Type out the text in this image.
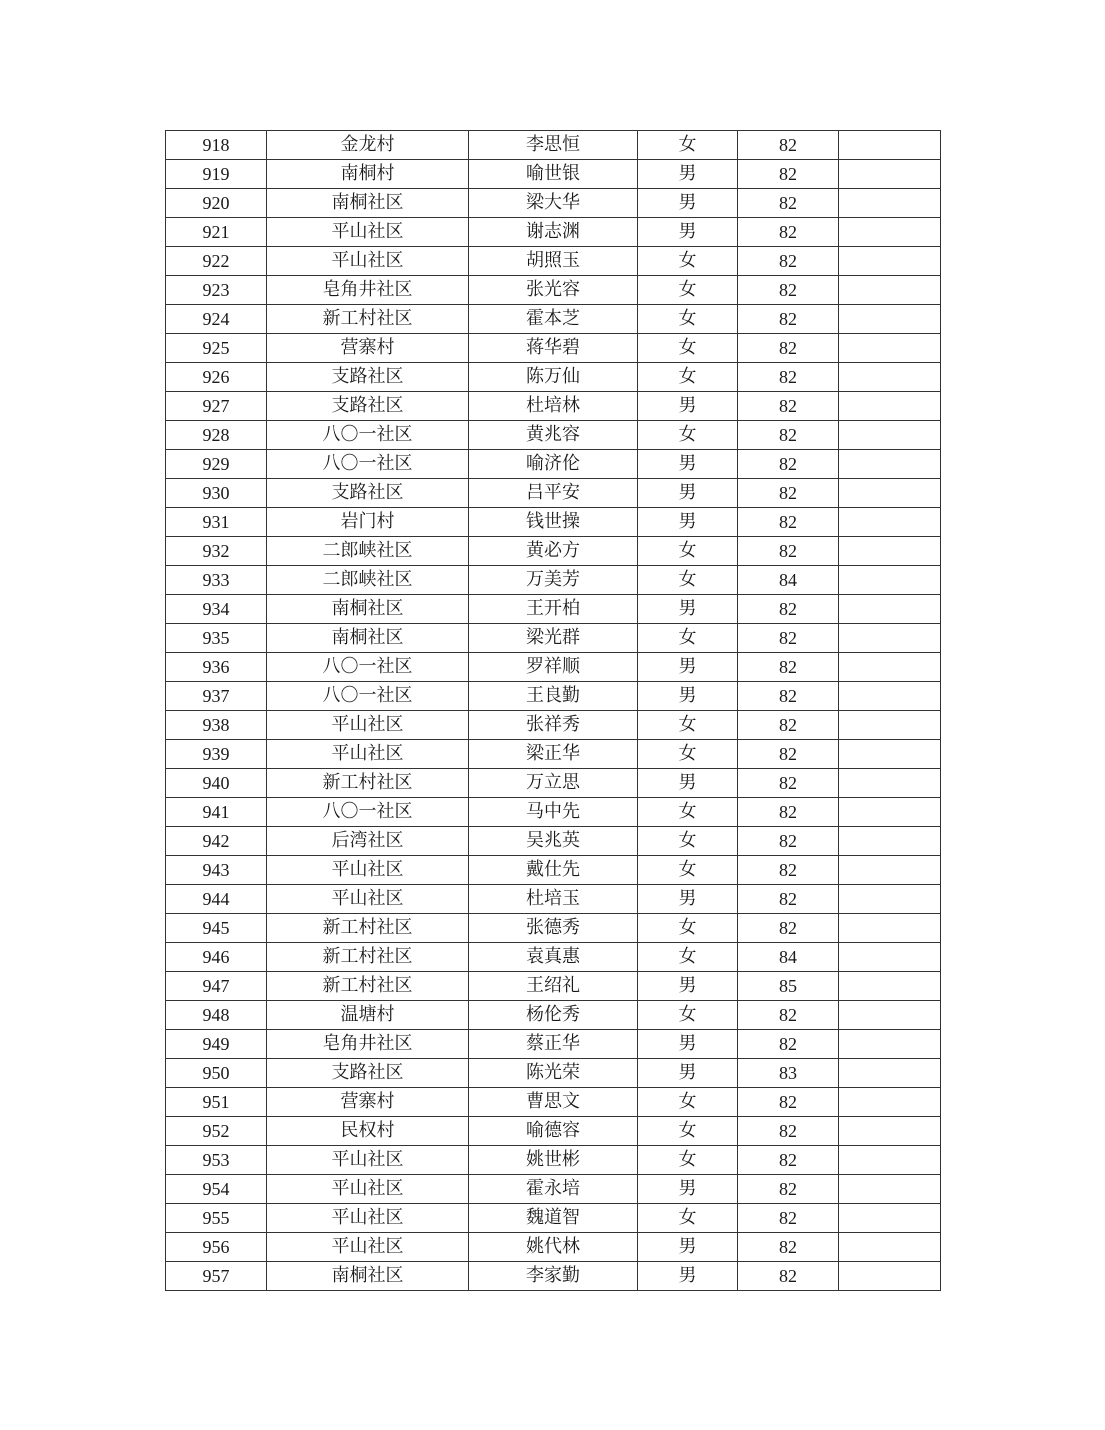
918	金龙村	李思恒	女	82	
919	南桐村	喻世银	男	82	
920	南桐社区	梁大华	男	82	
921	平山社区	谢志渊	男	82	
922	平山社区	胡照玉	女	82	
923	皂角井社区	张光容	女	82	
924	新工村社区	霍本芝	女	82	
925	营寨村	蒋华碧	女	82	
926	支路社区	陈万仙	女	82	
927	支路社区	杜培林	男	82	
928	八〇一社区	黄兆容	女	82	
929	八〇一社区	喻济伦	男	82	
930	支路社区	吕平安	男	82	
931	岩门村	钱世操	男	82	
932	二郎峡社区	黄必方	女	82	
933	二郎峡社区	万美芳	女	84	
934	南桐社区	王开柏	男	82	
935	南桐社区	梁光群	女	82	
936	八〇一社区	罗祥顺	男	82	
937	八〇一社区	王良勤	男	82	
938	平山社区	张祥秀	女	82	
939	平山社区	梁正华	女	82	
940	新工村社区	万立思	男	82	
941	八〇一社区	马中先	女	82	
942	后湾社区	吴兆英	女	82	
943	平山社区	戴仕先	女	82	
944	平山社区	杜培玉	男	82	
945	新工村社区	张德秀	女	82	
946	新工村社区	袁真惠	女	84	
947	新工村社区	王绍礼	男	85	
948	温塘村	杨伦秀	女	82	
949	皂角井社区	蔡正华	男	82	
950	支路社区	陈光荣	男	83	
951	营寨村	曹思文	女	82	
952	民权村	喻德容	女	82	
953	平山社区	姚世彬	女	82	
954	平山社区	霍永培	男	82	
955	平山社区	魏道智	女	82	
956	平山社区	姚代林	男	82	
957	南桐社区	李家勤	男	82	
